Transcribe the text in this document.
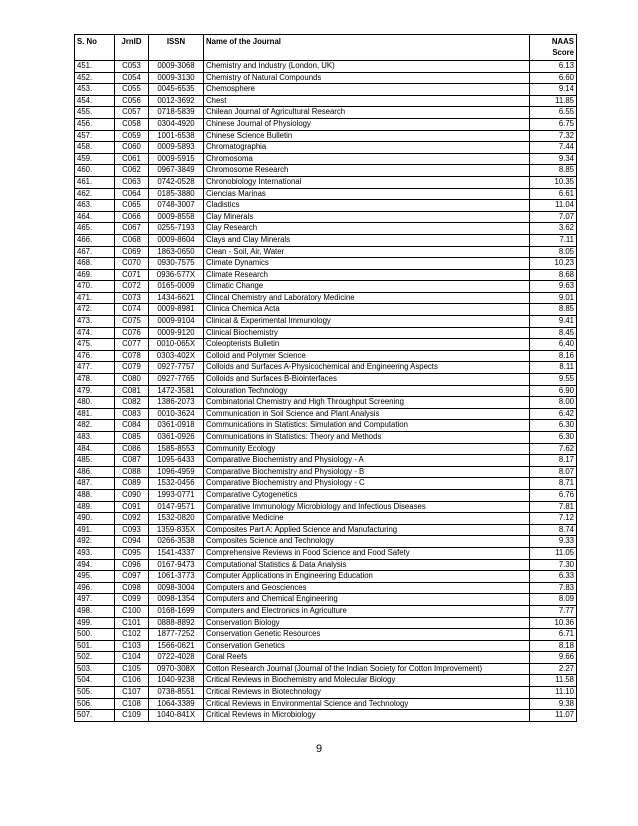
S. No	JrnID	ISSN	Name of the Journal	NAAS
Score

451.	C053	0009-3068	Chemistry and Industry (London, UK)	6.13
452.	C054	0009-3130	Chemistry of Natural Compounds	6.60
453.	C055	0045-6535	Chemosphere	9.14
454.	C056	0012-3692	Chest	11.85
455.	C057	0718-5839	Chilean Journal of Agricultural Research	6.55
456.	C058	0304-4920	Chinese Journal of Physiology	6.75
457.	C059	1001-6538	Chinese Science Bulletin	7.32
458.	C060	0009-5893	Chromatographia	7.44
459.	C061	0009-5915	Chromosoma	9.34
460.	C062	0967-3849	Chromosome Research	8.85
461.	C063	0742-0528	Chronobiology International	10.35
462.	C064	0185-3880	Ciencias Marinas	6.61
463.	C065	0748-3007	Cladistics	11.04
464.	C066	0009-8558	Clay Minerals	7.07
465.	C067	0255-7193	Clay Research	3.62
466.	C068	0009-8604	Clays and Clay Minerals	7.11
467.	C069	1863-0650	Clean - Soil, Air, Water	8.05
468.	C070	0930-7575	Climate Dynamics	10.23
469.	C071	0936-577X	Climate Research	8.68
470.	C072	0165-0009	Climatic Change	9.63
471.	C073	1434-6621	Clincal Chemistry and Laboratory Medicine	9.01
472.	C074	0009-8981	Clinica Chemica Acta	8.85
473.	C075	0009-9104	Clinical & Experimental Immunology	9.41
474.	C076	0009-9120	Clinical Biochemistry	8.45
475.	C077	0010-065X	Coleopterists Bulletin	6.40
476.	C078	0303-402X	Colloid and Polymer Science	8.16
477.	C079	0927-7757	Colloids and Surfaces A-Physicochemical and Engineering Aspects	8.11
478.	C080	0927-7765	Colloids and Surfaces B-Biointerfaces	9.55
479.	C081	1472-3581	Colouration Technology	6.90
480.	C082	1386-2073	Combinatorial Chemistry and High Throughput Screening	8.00
481.	C083	0010-3624	Communication in Soil Science and Plant Analysis	6.42
482.	C084	0361-0918	Communications in Statistics: Simulation and Computation	6.30
483.	C085	0361-0926	Communications in Statistics: Theory and Methods	6.30
484.	C086	1585-8553	Community Ecology	7.62
485.	C087	1095-6433	Comparative Biochemistry and Physiology - A	8.17
486.	C088	1096-4959	Comparative Biochemistry and Physiology - B	8.07
487.	C089	1532-0456	Comparative Biochemistry and Physiology - C	8.71
488.	C090	1993-0771	Comparative Cytogenetics	6.76
489.	C091	0147-9571	Comparative Immunology Microbiology and Infectious Diseases	7.81
490.	C092	1532-0820	Comparative Medicine	7.12
491.	C093	1359-835X	Composites Part A: Applied Science and Manufacturing	8.74
492.	C094	0266-3538	Composites Science and Technology	9.33
493.	C095	1541-4337	Comprehensive Reviews in Food Science and Food Safety	11.05
494.	C096	0167-9473	Computational Statistics & Data Analysis	7.30
495.	C097	1061-3773	Computer Applications in Engineering Education	6.33
496.	C098	0098-3004	Computers and Geosciences	7.83
497.	C099	0098-1354	Computers and Chemical Engineering	8.09
498.	C100	0168-1699	Computers and Electronics in Agriculture	7.77
499.	C101	0888-8892	Conservation Biology	10.36
500.	C102	1877-7252	Conservation Genetic Resources	6.71
501.	C103	1566-0621	Conservation Genetics	8.18
502.	C104	0722-4028	Coral Reefs	9.66
503.	C105	0970-308X	Cotton Research Journal (Journal of the Indian Society for Cotton Improvement)	2.27
504.	C106	1040-9238	Critical Reviews in Biochemistry and Molecular Biology	11.58
505.	C107	0738-8551	Critical Reviews in Biotechnology	11.10
506.	C108	1064-3389	Critical Reviews in Environmental Science and Technology	9.38
507.	C109	1040-841X	Critical Reviews in Microbiology	11.07
9
